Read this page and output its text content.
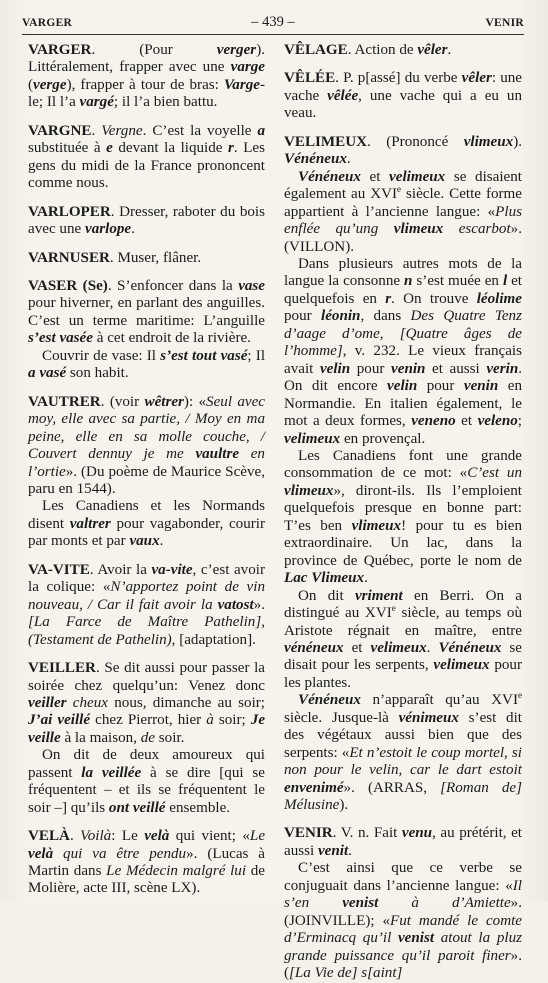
VARGER	– 439 –	VENIR

VARGER. (Pour verger). Littéralement, frapper avec une varge (verge), frapper à tour de bras: Varge-le; Il l’a vargé; il l’a bien battu.

VARGNE. Vergne. C’est la voyelle a substituée à e devant la liquide r. Les gens du midi de la France prononcent comme nous.

VARLOPER. Dresser, raboter du bois avec une varlope.

VARNUSER. Muser, flâner.

VASER (Se). S’enfoncer dans la vase pour hiverner, en parlant des anguilles. C’est un terme maritime: L’anguille s’est vasée à cet endroit de la rivière.

Couvrir de vase: Il s’est tout vasé; Il a vasé son habit.

VAUTRER. (voir wêtrer): «Seul avec moy, elle avec sa partie, / Moy en ma peine, elle en sa molle couche, / Couvert dennuy je me vaultre en l’ortie». (Du poème de Maurice Scève, paru en 1544).

Les Canadiens et les Normands disent valtrer pour vagabonder, courir par monts et par vaux.

VA-VITE. Avoir la va-vite, c’est avoir la colique: «N’apportez point de vin nouveau, / Car il fait avoir la vatost». [La Farce de Maître Pathelin], (Testament de Pathelin), [adaptation].

VEILLER. Se dit aussi pour passer la soirée chez quelqu’un: Venez donc veiller cheux nous, dimanche au soir; J’ai veillé chez Pierrot, hier à soir; Je veille à la maison, de soir.

On dit de deux amoureux qui passent la veillée à se dire [qui se fréquentent – et ils se fréquentent le soir –] qu’ils ont veillé ensemble.

VELÀ. Voilà: Le velà qui vient; «Le velà qui va être pendu». (Lucas à Martin dans Le Médecin malgré lui de Molière, acte III, scène LX).

VÊLAGE. Action de vêler.

VÊLÉE. P. p[assé] du verbe vêler: une vache vêlée, une vache qui a eu un veau.

VELIMEUX. (Prononcé vlimeux). Vénéneux.

Vénéneux et velimeux se disaient également au XVIe siècle. Cette forme appartient à l’ancienne langue: «Plus enflée qu’ung vlimeux escarbot». (VILLON).

Dans plusieurs autres mots de la langue la consonne n s’est muée en l et quelquefois en r. On trouve léolime pour léonin, dans Des Quatre Tenz d’aage d’ome, [Quatre âges de l’homme], v. 232. Le vieux français avait velin pour venin et aussi verin. On dit encore velin pour venin en Normandie. En italien également, le mot a deux formes, veneno et veleno; velimeux en provençal.

Les Canadiens font une grande consommation de ce mot: «C’est un vlimeux», diront-ils. Ils l’emploient quelquefois presque en bonne part: T’es ben vlimeux! pour tu es bien extraordinaire. Un lac, dans la province de Québec, porte le nom de Lac Vlimeux.

On dit vriment en Berri. On a distingué au XVIe siècle, au temps où Aristote régnait en maître, entre vénéneux et velimeux. Vénéneux se disait pour les serpents, velimeux pour les plantes.

Vénéneux n’apparaît qu’au XVIe siècle. Jusque-là vénimeux s’est dit des végétaux aussi bien que des serpents: «Et n’estoit le coup mortel, si non pour le velin, car le dart estoit envenimé». (ARRAS, [Roman de] Mélusine).

VENIR. V. n. Fait venu, au prétérit, et aussi venit.

C’est ainsi que ce verbe se conjuguait dans l’ancienne langue: «Il s’en venist à d’Amiette». (JOINVILLE); «Fut mandé le comte d’Erminacq qu’il venist atout la pluz grande puissance qu’il paroit finer». ([La Vie de] s[aint]
